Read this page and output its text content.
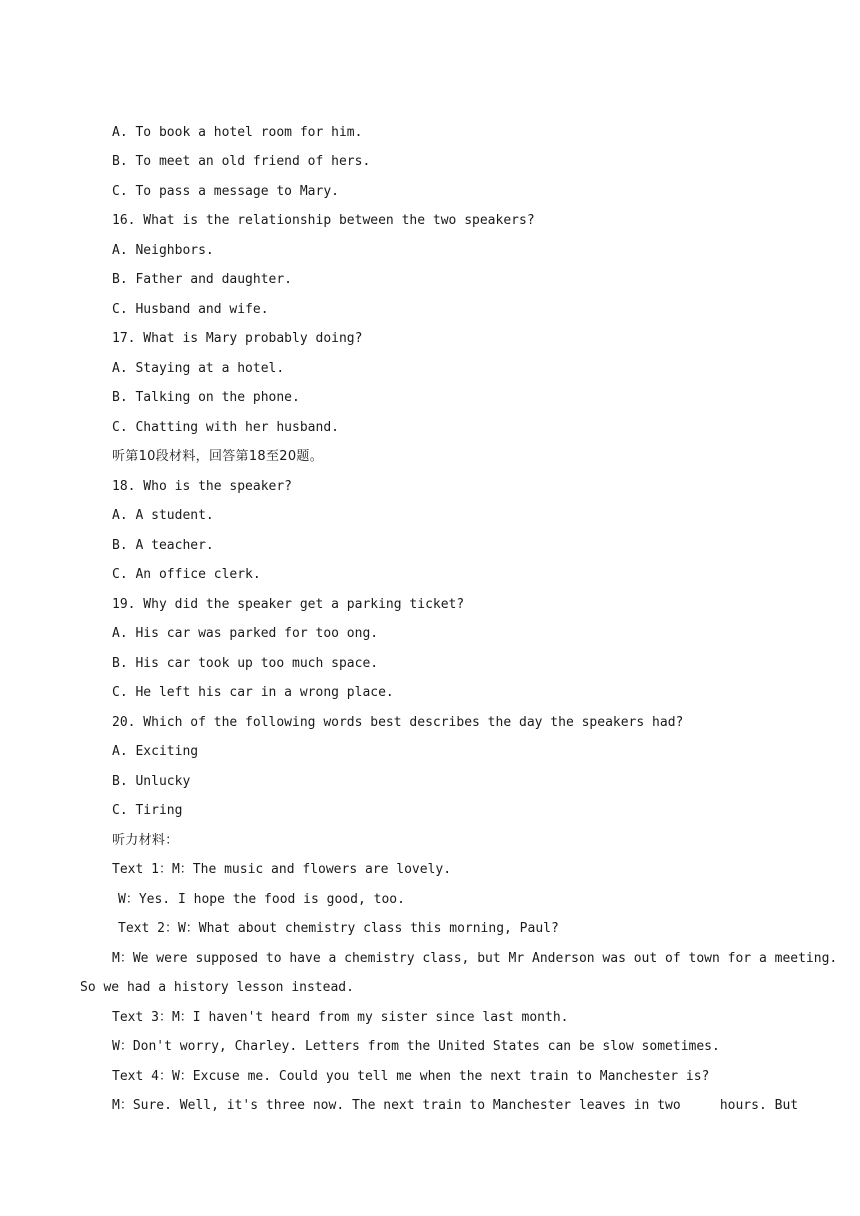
A. To book a hotel room for him.
B. To meet an old friend of hers.
C. To pass a message to Mary.
16. What is the relationship between the two speakers?
A. Neighbors.
B. Father and daughter.
C. Husband and wife.
17. What is Mary probably doing?
A. Staying at a hotel.
B. Talking on the phone.
C. Chatting with her husband.
听第10段材料，回答第18至20题。
18. Who is the speaker?
A. A student.
B. A teacher.
C. An office clerk.
19. Why did the speaker get a parking ticket?
A. His car was parked for too ong.
B. His car took up too much space.
C. He left his car in a wrong place.
20. Which of the following words best describes the day the speakers had?
A. Exciting
B. Unlucky
C. Tiring
听力材料：
Text 1：M：The music and flowers are lovely.
W：Yes. I hope the food is good, too.
Text 2：W：What about chemistry class this morning, Paul?
M：We were supposed to have a chemistry class, but Mr Anderson was out of town for a meeting.
So we had a history lesson instead.
Text 3：M：I haven't heard from my sister since last month.
W：Don't worry, Charley. Letters from the United States can be slow sometimes.
Text 4：W：Excuse me. Could you tell me when the next train to Manchester is?
M：Sure. Well, it's three now. The next train to Manchester leaves in two     hours. But
